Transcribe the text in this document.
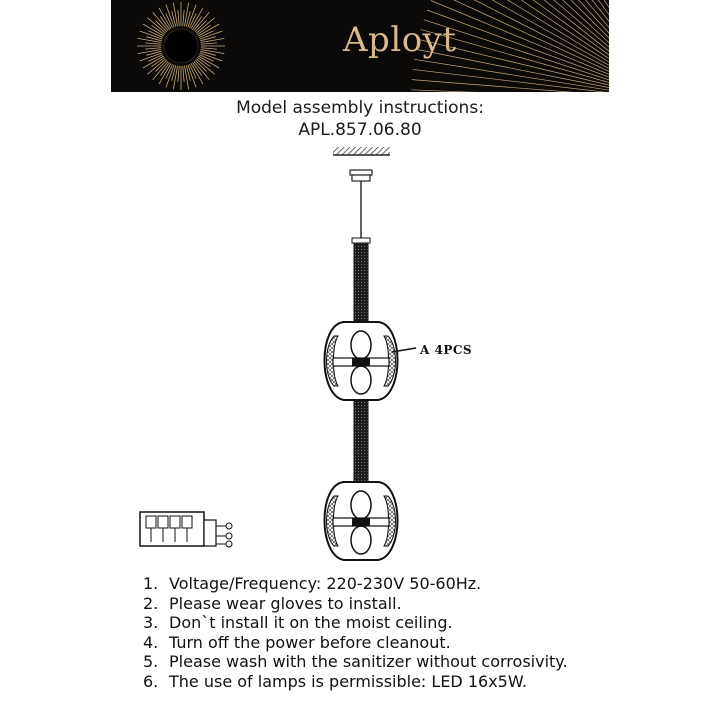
Aployt
Model assembly instructions:
APL.857.06.80
A 4PCS
1. Voltage/Frequency: 220-230V 50-60Hz.
2. Please wear gloves to install.
3. Don`t install it on the moist ceiling.
4. Turn off the power before cleanout.
5. Please wash with the sanitizer without corrosivity.
6. The use of lamps is permissible: LED 16x5W.
